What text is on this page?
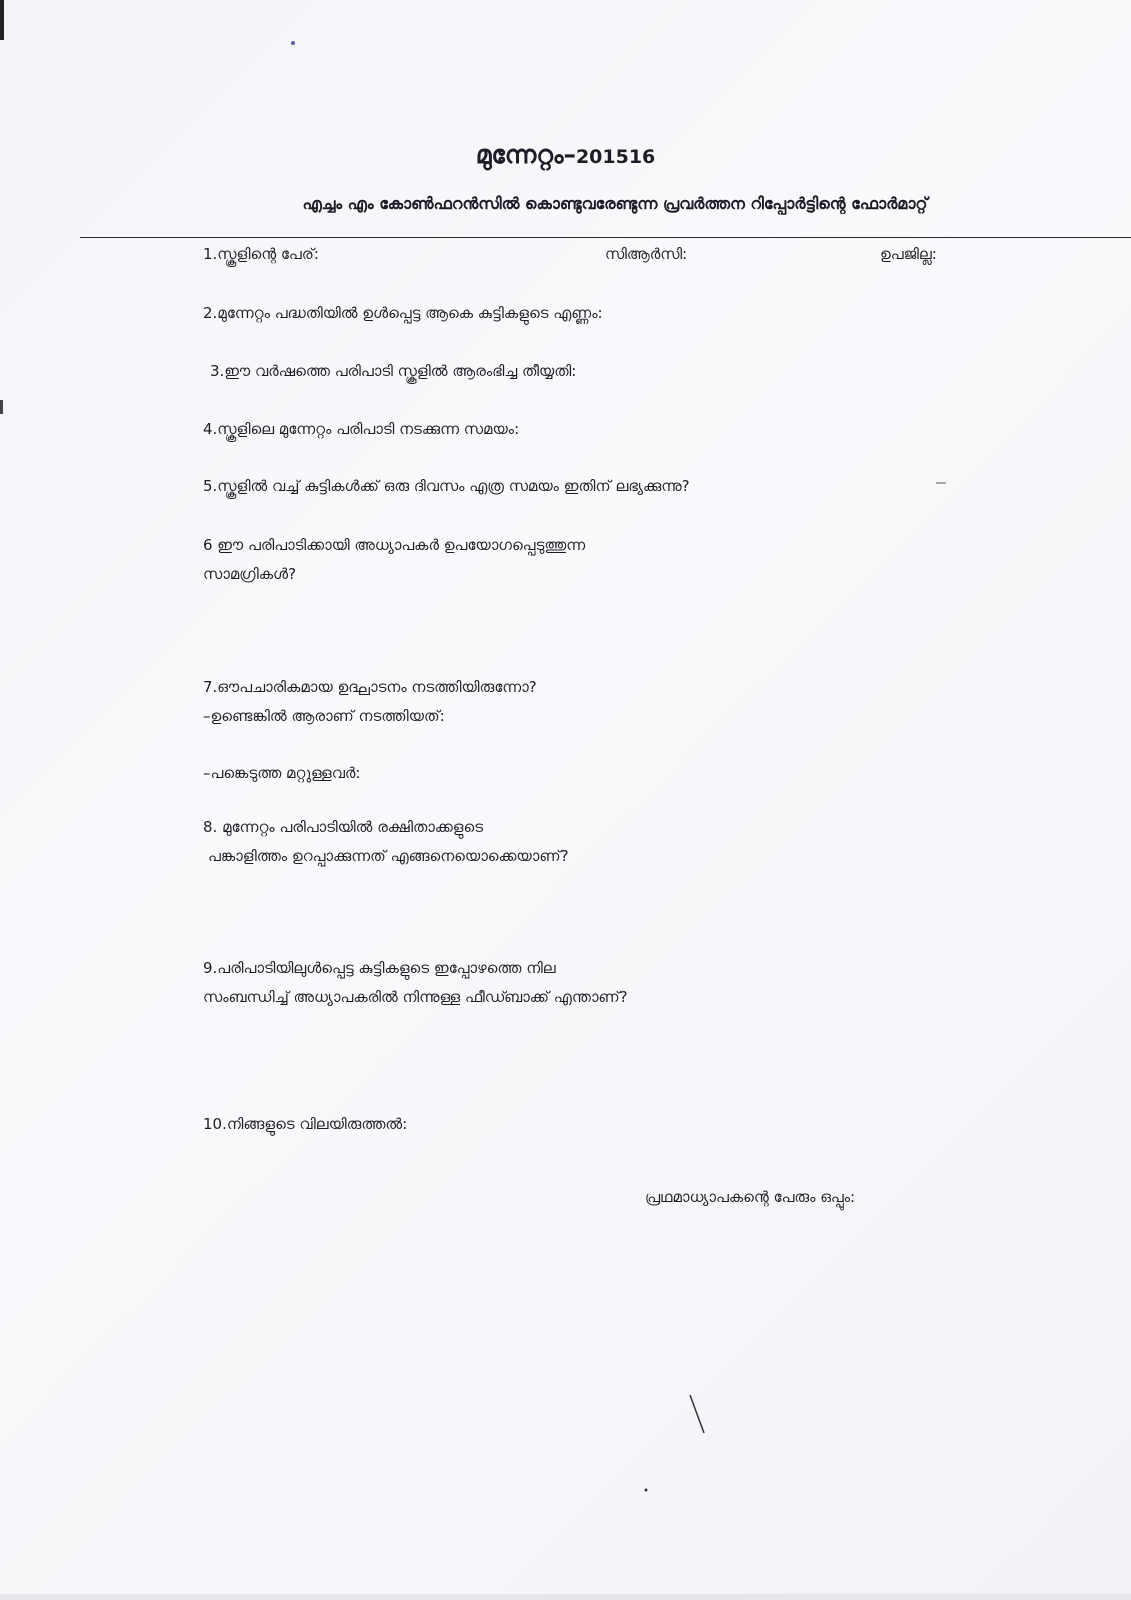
മുന്നേറ്റം–201516
എച്ചം എം കോൺഫറൻസിൽ കൊണ്ടുവരേണ്ടുന്ന പ്രവർത്തന റിപ്പോർട്ടിന്റെ ഫോർമാറ്റ്
1.സ്കൂളിന്റെ പേര്:	സിആർസി:	ഉപജില്ല:
2.മുന്നേറ്റം പദ്ധതിയിൽ ഉൾപ്പെട്ട ആകെ കുട്ടികളുടെ എണ്ണം:
3.ഈ വർഷത്തെ പരിപാടി സ്കൂളിൽ ആരംഭിച്ച തീയ്യതി:
4.സ്കൂളിലെ മുന്നേറ്റം പരിപാടി നടക്കുന്ന സമയം:
5.സ്കൂളിൽ വച്ച് കുട്ടികൾക്ക് ഒരു ദിവസം എത്ര സമയം ഇതിന് ലഭ്യക്കുന്നു?
6 ഈ പരിപാടിക്കായി അധ്യാപകർ ഉപയോഗപ്പെടുത്തുന്ന
സാമഗ്രികൾ?
7.ഔപചാരികമായ ഉദ്ഘാടനം നടത്തിയിരുന്നോ?
–ഉണ്ടെങ്കിൽ ആരാണ് നടത്തിയത്:
–പങ്കെടുത്ത മറ്റുള്ളവർ:
8. മുന്നേറ്റം പരിപാടിയിൽ രക്ഷിതാക്കളുടെ
പങ്കാളിത്തം ഉറപ്പാക്കുന്നത് എങ്ങനെയൊക്കെയാണ്?
9.പരിപാടിയിലുൾപ്പെട്ട കുട്ടികളുടെ ഇപ്പോഴത്തെ നില
സംബന്ധിച്ച് അധ്യാപകരിൽ നിന്നുള്ള ഫീഡ്ബാക്ക് എന്താണ്?
10.നിങ്ങളുടെ വിലയിരുത്തൽ:
പ്രഥമാധ്യാപകന്റെ പേരും ഒപ്പും:
